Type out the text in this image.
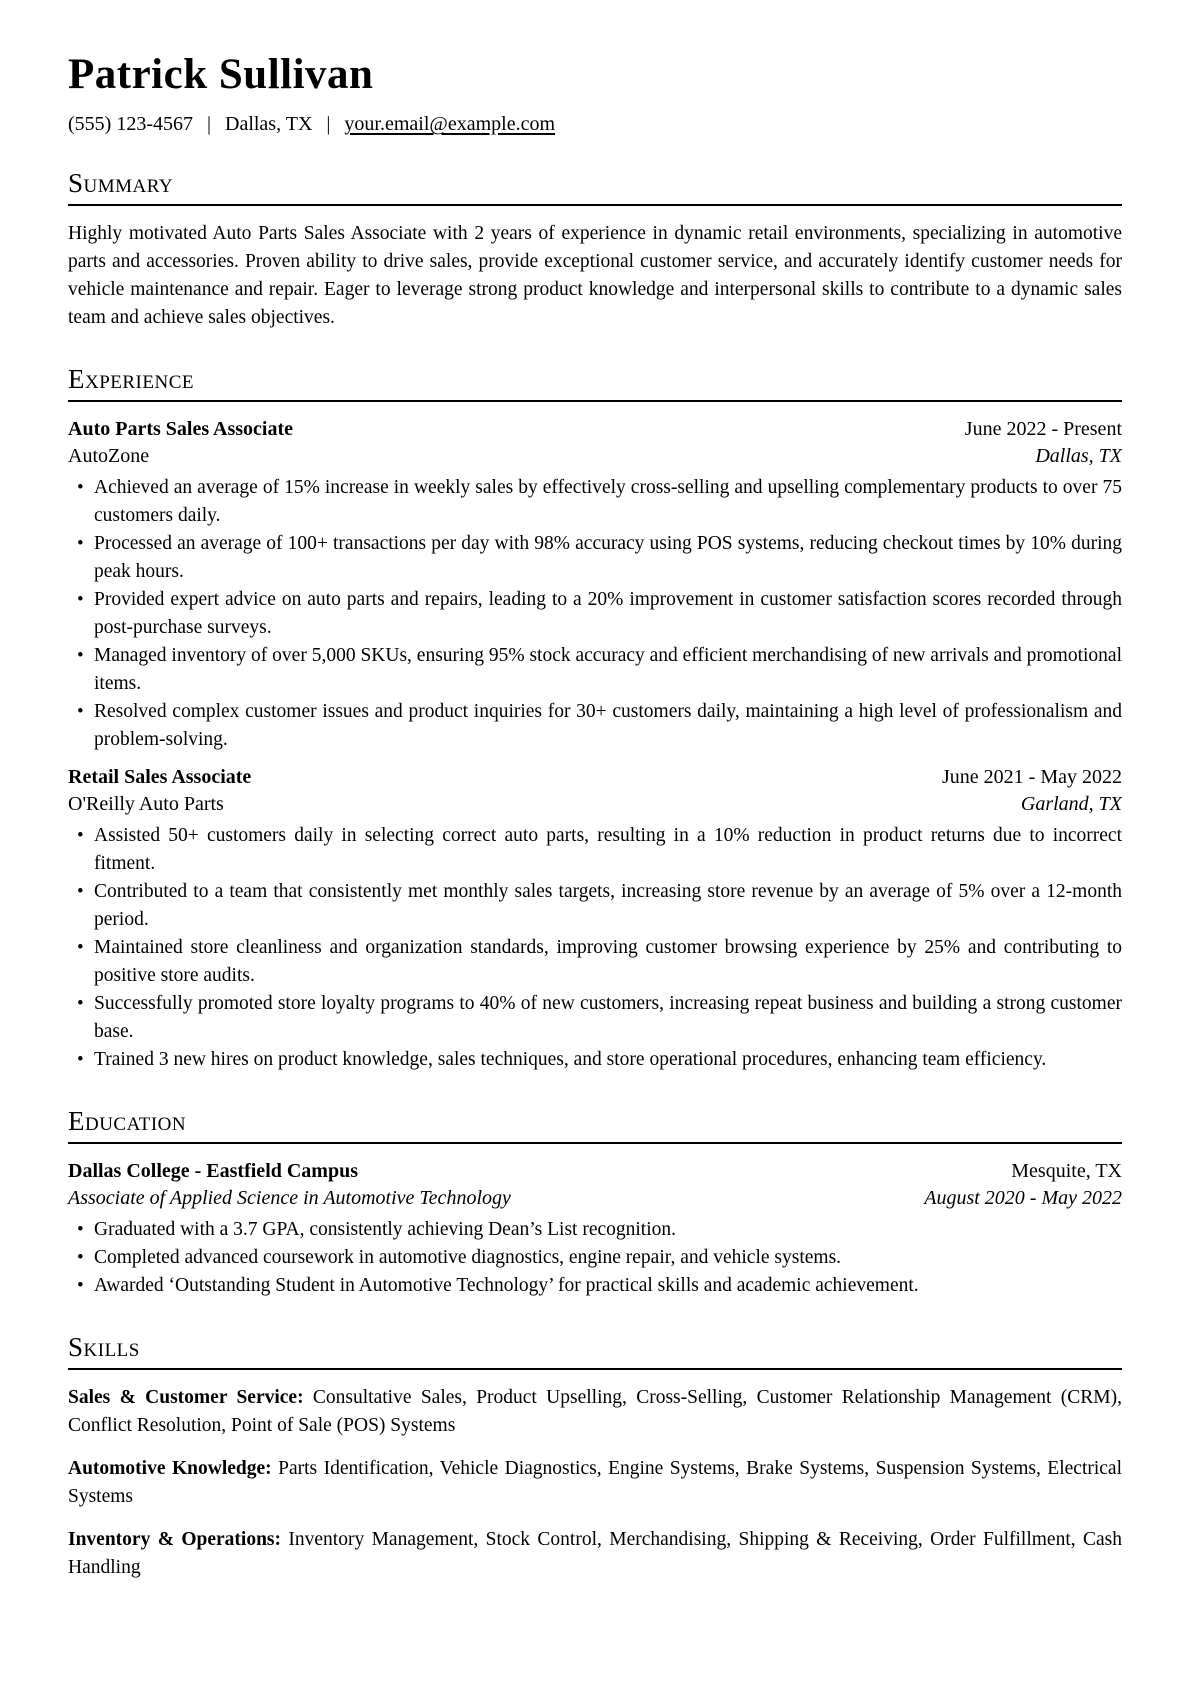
Patrick Sullivan
(555) 123-4567 | Dallas, TX | your.email@example.com
Summary

Highly motivated Auto Parts Sales Associate with 2 years of experience in dynamic retail environments, specializing in automotive parts and accessories. Proven ability to drive sales, provide exceptional customer service, and accurately identify customer needs for vehicle maintenance and repair. Eager to leverage strong product knowledge and interpersonal skills to contribute to a dynamic sales team and achieve sales objectives.

Experience
Auto Parts Sales Associate	June 2022 - Present
AutoZone	Dallas, TX
• Achieved an average of 15% increase in weekly sales by effectively cross-selling and upselling complementary products to over 75 customers daily.
• Processed an average of 100+ transactions per day with 98% accuracy using POS systems, reducing checkout times by 10% during peak hours.
• Provided expert advice on auto parts and repairs, leading to a 20% improvement in customer satisfaction scores recorded through post-purchase surveys.
• Managed inventory of over 5,000 SKUs, ensuring 95% stock accuracy and efficient merchandising of new arrivals and promotional items.
• Resolved complex customer issues and product inquiries for 30+ customers daily, maintaining a high level of professionalism and problem-solving.
Retail Sales Associate	June 2021 - May 2022
O'Reilly Auto Parts	Garland, TX
• Assisted 50+ customers daily in selecting correct auto parts, resulting in a 10% reduction in product returns due to incorrect fitment.
• Contributed to a team that consistently met monthly sales targets, increasing store revenue by an average of 5% over a 12-month period.
• Maintained store cleanliness and organization standards, improving customer browsing experience by 25% and contributing to positive store audits.
• Successfully promoted store loyalty programs to 40% of new customers, increasing repeat business and building a strong customer base.
• Trained 3 new hires on product knowledge, sales techniques, and store operational procedures, enhancing team efficiency.
Education
Dallas College - Eastfield Campus	Mesquite, TX
Associate of Applied Science in Automotive Technology	August 2020 - May 2022
• Graduated with a 3.7 GPA, consistently achieving Dean’s List recognition.
• Completed advanced coursework in automotive diagnostics, engine repair, and vehicle systems.
• Awarded ‘Outstanding Student in Automotive Technology’ for practical skills and academic achievement.
Skills

Sales & Customer Service: Consultative Sales, Product Upselling, Cross-Selling, Customer Relationship Management (CRM), Conflict Resolution, Point of Sale (POS) Systems

Automotive Knowledge: Parts Identification, Vehicle Diagnostics, Engine Systems, Brake Systems, Suspension Systems, Electrical Systems

Inventory & Operations: Inventory Management, Stock Control, Merchandising, Shipping & Receiving, Order Fulfillment, Cash Handling
